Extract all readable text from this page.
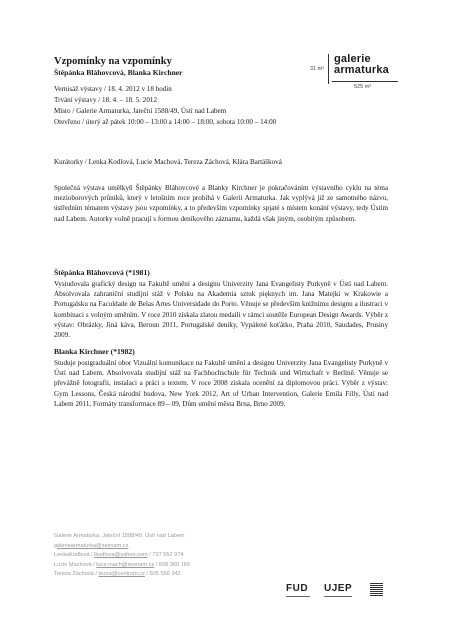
Vzpomínky na vzpomínky
Štěpánka Bláhovcová, Blanka Kirchner
Vernisáž výstavy / 18. 4. 2012 v 18 hodin
Trvání výstavy / 18. 4. – 18. 5. 2012
Místo / Galerie Armaturka, Jateční 1588/49, Ústí nad Labem
Otevřeno / úterý až pátek 10:00 – 13:00 a 14:00 – 18:00, sobota 10:00 – 14:00
31 m²
galerie
armaturka
525 m²
Kurátorky / Lenka Kodlová, Lucie Machová, Tereza Záchová, Klára Bartášková
Společná výstava umělkyň Štěpánky Bláhovcové a Blanky Kirchner je pokračováním výstavního cyklu na téma mezioborových průniků, který v letošním roce probíhá v Galerii Armaturka. Jak vyplývá již ze samotného názvu, ústředním tématem výstavy jsou vzpomínky, a to především vzpomínky spjaté s místem konání výstavy, tedy Ústím nad Labem. Autorky volně pracují s formou deníkového záznamu, každá však jiným, osobitým způsobem.
Štěpánka Bláhovcová (*1981)
Vystudovala grafický design na Fakultě umění a designu Univerzity Jana Evangelisty Purkyně v Ústí nad Labem. Absolvovala zahraniční studijní stáž v Polsku na Akademia sztuk pięknych im. Jana Matejki w Krakowie a Portugalsku na Faculdade de Belas Artes Universidade do Porto. Věnuje se především knižnímu designu a ilustraci v kombinaci s volným uměním. V roce 2010 získala zlatou medaili v rámci soutěže European Design Awards. Výběr z výstav: Obrázky, Jiná káva, Beroun 2011, Portugalské deníky, Vypálené koťátko, Praha 2010, Saudades, Prusiny 2009.
Blanka Kirchner (*1982)
Studuje postgraduální obor Vizuální komunikace na Fakultě umění a designu Univerzity Jana Evangelisty Purkyně v Ústí nad Labem. Absolvovala studijní stáž na Fachhochschule für Technik und Wirtschaft v Berlíně. Věnuje se převážně fotografii, instalaci a práci s textem. V roce 2008 získala ocenění za diplomovou práci. Výběr z výstav: Gym Lessons, Česká národní budova, New York 2012, Art of Urban Intervention, Galerie Emila Filly, Ústí nad Labem 2011, Formáty transformace 89 – 09, Dům umění města Brna, Brno 2009.
Galerie Armaturka, Jateční 1588/49, Ústí nad Labem
galeriearmaturka@seznam.cz
LenkaKodlová / lkodlova@yahoo.com / 737 552 974
Lucie Machová / luce.mach@seznam.cz / 608 368 169
Tereza Záchová / tezza@centrum.cz / 605 556 342
FUD UJEP
